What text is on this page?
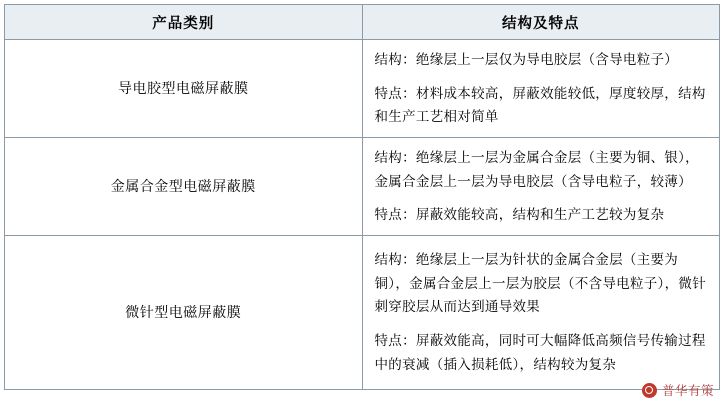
产品类别	结构及特点
导电胶型电磁屏蔽膜	结构：绝缘层上一层仅为导电胶层（含导电粒子）

特点：材料成本较高，屏蔽效能较低，厚度较厚，结构和生产工艺相对简单

金属合金型电磁屏蔽膜	结构：绝缘层上一层为金属合金层（主要为铜、银），金属合金层上一层为导电胶层（含导电粒子，较薄）

特点：屏蔽效能较高，结构和生产工艺较为复杂

微针型电磁屏蔽膜	结构：绝缘层上一层为针状的金属合金层（主要为铜），金属合金层上一层为胶层（不含导电粒子），微针刺穿胶层从而达到通导效果

特点：屏蔽效能高，同时可大幅降低高频信号传输过程中的衰减（插入损耗低），结构较为复杂

普华有策
